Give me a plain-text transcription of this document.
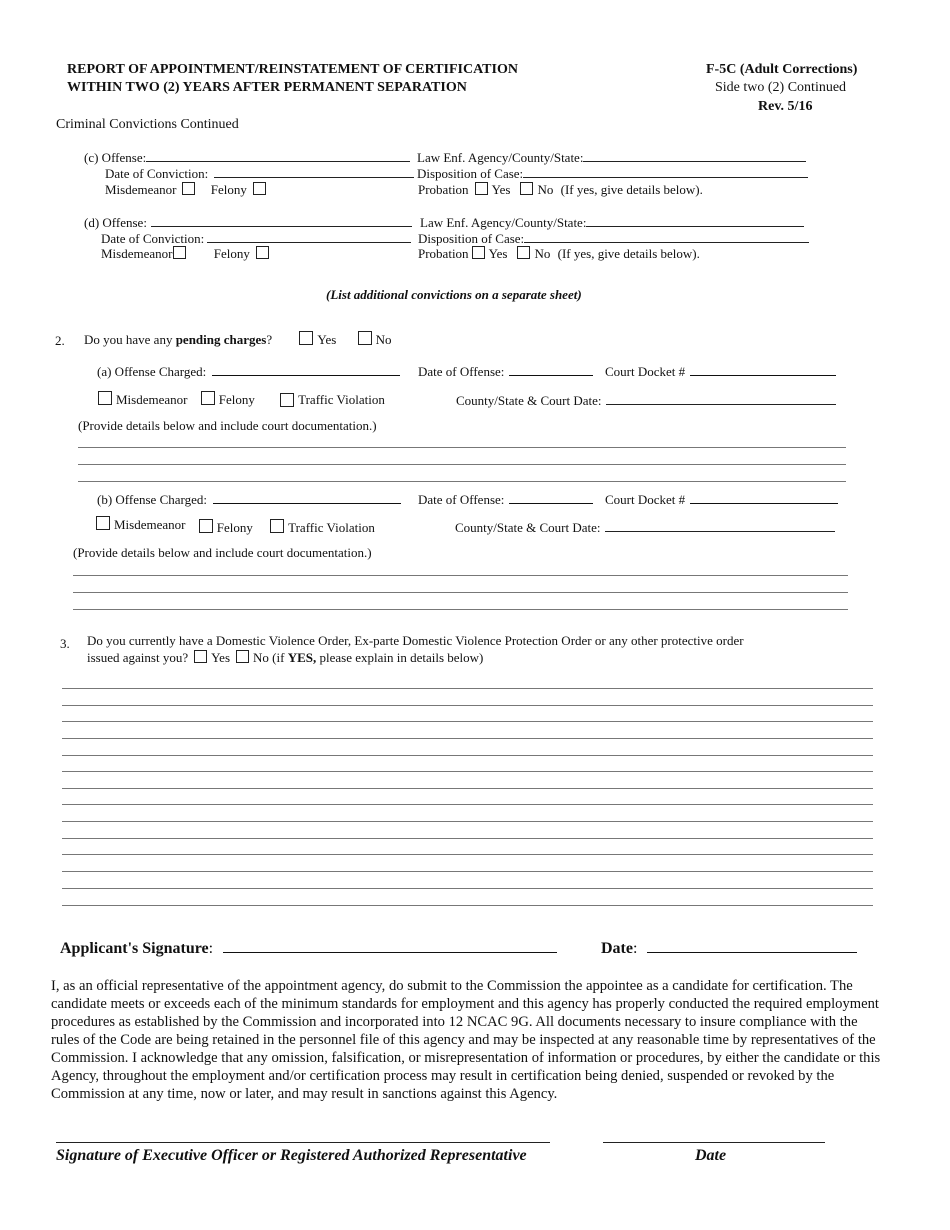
REPORT OF APPOINTMENT/REINSTATEMENT OF CERTIFICATION
WITHIN TWO (2) YEARS AFTER PERMANENT SEPARATION
F-5C (Adult Corrections)
Side two (2) Continued
Rev. 5/16
Criminal Convictions Continued
(c) Offense:	Law Enf. Agency/County/State:
Date of Conviction:	Disposition of Case:
Misdemeanor	Felony	Probation Yes No (If yes, give details below).
(d) Offense:	Law Enf. Agency/County/State:
Date of Conviction:	Disposition of Case:
Misdemeanor	Felony	Probation Yes No (If yes, give details below).
(List additional convictions on a separate sheet)
2. Do you have any pending charges?	Yes	No
(a) Offense Charged:	Date of Offense:	Court Docket #
Misdemeanor Felony	Traffic Violation	County/State & Court Date:
(Provide details below and include court documentation.)
(b) Offense Charged:	Date of Offense:	Court Docket #
Misdemeanor Felony	Traffic Violation	County/State & Court Date:
(Provide details below and include court documentation.)
3. Do you currently have a Domestic Violence Order, Ex-parte Domestic Violence Protection Order or any other protective order
issued against you? Yes No (if YES, please explain in details below)
Applicant's Signature:	Date:
I, as an official representative of the appointment agency, do submit to the Commission the appointee as a candidate for certification. The candidate meets or exceeds each of the minimum standards for employment and this agency has properly conducted the required employment procedures as established by the Commission and incorporated into 12 NCAC 9G. All documents necessary to insure compliance with the rules of the Code are being retained in the personnel file of this agency and may be inspected at any reasonable time by representatives of the Commission. I acknowledge that any omission, falsification, or misrepresentation of information or procedures, by either the candidate or this Agency, throughout the employment and/or certification process may result in certification being denied, suspended or revoked by the Commission at any time, now or later, and may result in sanctions against this Agency.
Signature of Executive Officer or Registered Authorized Representative	Date
